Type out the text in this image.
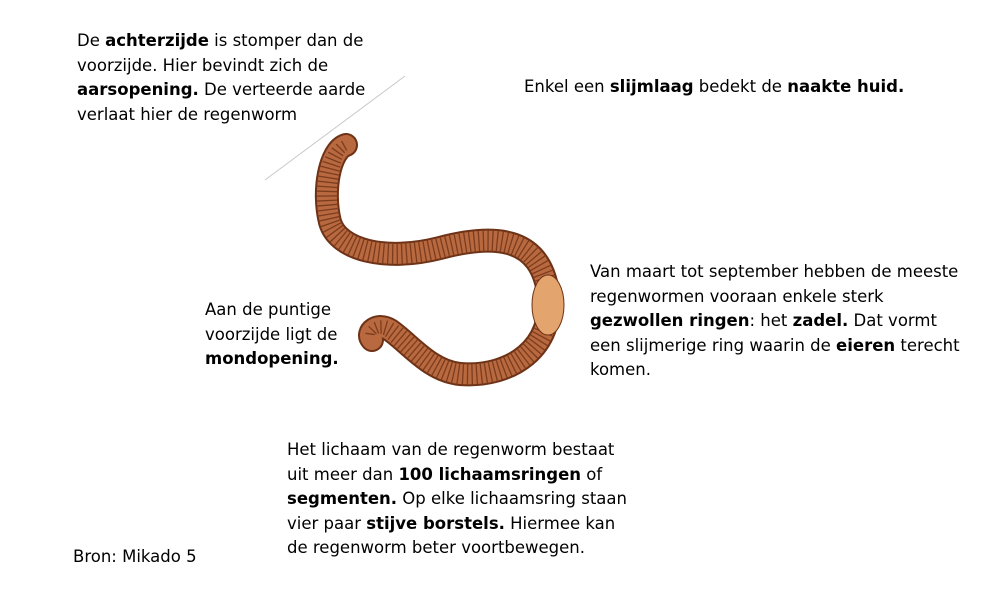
De achterzijde is stomper dan de voorzijde. Hier bevindt zich de aarsopening. De verteerde aarde verlaat hier de regenworm

Enkel een slijmlaag bedekt de naakte huid.

Aan de puntige voorzijde ligt de mondopening.

Van maart tot september hebben de meeste regenwormen vooraan enkele sterk gezwollen ringen: het zadel. Dat vormt een slijmerige ring waarin de eieren terecht komen.

Het lichaam van de regenworm bestaat uit meer dan 100 lichaamsringen of segmenten. Op elke lichaamsring staan vier paar stijve borstels. Hiermee kan de regenworm beter voortbewegen.

Bron: Mikado 5
